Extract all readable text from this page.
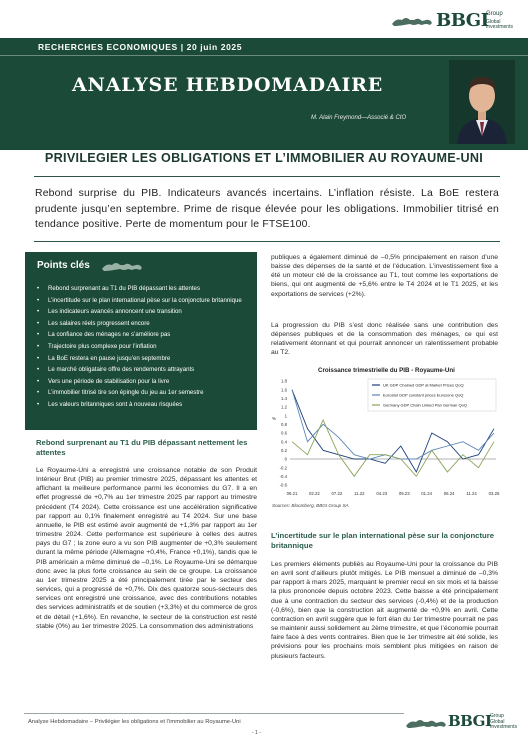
BBGI
Group
Global
Investments
RECHERCHES ECONOMIQUES | 20 juin 2025
ANALYSE HEBDOMADAIRE
M. Alain Freymond—Associé & CIO
PRIVILEGIER LES OBLIGATIONS ET L’IMMOBILIER AU ROYAUME-UNI
Rebond surprise du PIB. Indicateurs avancés incertains. L’inflation résiste. La BoE restera prudente jusqu’en septembre. Prime de risque élevée pour les obligations. Immobilier titrisé en tendance positive. Perte de momentum pour le FTSE100.
Points clés
• Rebond surprenant au T1 du PIB dépassant les attentes
• L’incertitude sur le plan international pèse sur la conjoncture britannique
• Les indicateurs avancés annoncent une transition
• Les salaires réels progressent encore
• La confiance des ménages ne s’améliore pas
• Trajectoire plus complexe pour l’inflation
• La BoE restera en pause jusqu’en septembre
• Le marché obligataire offre des rendements attrayants
• Vers une période de stabilisation pour la livre
• L’immobilier titrisé tire son épingle du jeu au 1er semestre
• Les valeurs britanniques sont à nouveau risquées
Rebond surprenant au T1 du PIB dépassant nettement les attentes
Le Royaume-Uni a enregistré une croissance notable de son Produit Intérieur Brut (PIB) au premier trimestre 2025, dépassant les attentes et affichant la meilleure performance parmi les économies du G7. Il a en effet progressé de +0,7% au 1er trimestre 2025 par rapport au trimestre précédent (T4 2024). Cette croissance est une accélération significative par rapport au 0,1% finalement enregistré au T4 2024. Sur une base annuelle, le PIB est estimé avoir augmenté de +1,3% par rapport au 1er trimestre 2024. Cette performance est supérieure à celles des autres pays du G7 ; la zone euro a vu son PIB augmenter de +0,3% seulement durant la même période (Allemagne +0,4%, France +0,1%), tandis que le PIB américain a même diminué de –0,1%. Le Royaume-Uni se démarque donc avec la plus forte croissance au sein de ce groupe. La croissance au 1er trimestre 2025 a été principalement tirée par le secteur des services, qui a progressé de +0,7%. Dix des quatorze sous-secteurs des services ont enregistré une croissance, avec des contributions notables des services administratifs et de soutien (+3,3%) et du commerce de gros et de détail (+1,6%). En revanche, le secteur de la construction est resté stable (0%) au 1er trimestre 2025. La consommation des administrations
publiques a également diminué de –0,5% principalement en raison d’une baisse des dépenses de la santé et de l’éducation. L’investissement fixe a été un moteur clé de la croissance au T1, tout comme les exportations de biens, qui ont augmenté de +5,6% entre le T4 2024 et le T1 2025, et les exportations de services (+2%).
La progression du PIB s’est donc réalisée sans une contribution des dépenses publiques et de la consommation des ménages, ce qui est relativement étonnant et qui pourrait annoncer un ralentissement probable au T2.
Croissance trimestrielle du PIB - Royaume-Uni
1.8
1.6
1.4
1.2
1
0.8
0.6
0.4
0.2
0
-0.2
-0.4
-0.6
%
09.21	02.22	07.22	11.22	04.23	09.23	01.24	06.24	11.24	03.25
UK GDP Chained GDP at Market Prices QoQ
Eurostat GDP constant prices Eurozone QoQ
Germany GDP Chain Linked Pan German QoQ
Sources: Bloomberg, BBGI Group SA
L’incertitude sur le plan international pèse sur la conjoncture britannique
Les premiers éléments publiés au Royaume-Uni pour la croissance du PIB en avril sont d’ailleurs plutôt mitigés. Le PIB mensuel a diminué de –0,3% par rapport à mars 2025, marquant le premier recul en six mois et la baisse la plus prononcée depuis octobre 2023. Cette baisse a été principalement due à une contraction du secteur des services (-0,4%) et de la production (-0,6%), bien que la construction ait augmenté de +0,9% en avril. Cette contraction en avril suggère que le fort élan du 1er trimestre pourrait ne pas se maintenir aussi solidement au 2ème trimestre, et que l’économie pourrait faire face à des vents contraires. Bien que le 1er trimestre ait été solide, les prévisions pour les prochains mois semblent plus mitigées en raison de plusieurs facteurs.
Analyse Hebdomadaire – Privilégier les obligations et l’immobilier au Royaume-Uni
- 1 -
BBGI
Group
Global
Investments
